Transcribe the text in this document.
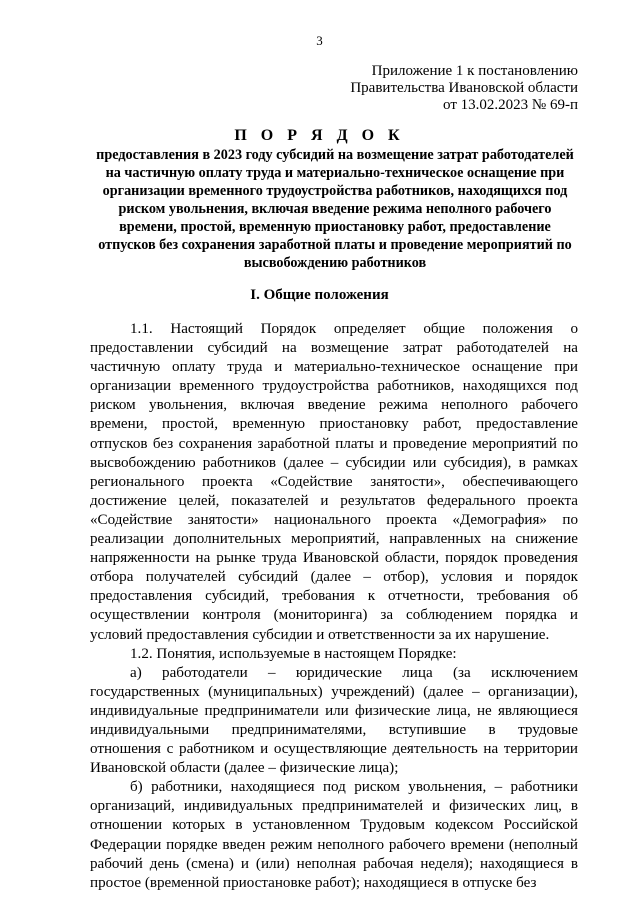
3
Приложение 1 к постановлению
Правительства Ивановской области
от 13.02.2023 № 69-п
П О Р Я Д О К
предоставления в 2023 году субсидий на возмещение затрат работодателей на частичную оплату труда и материально-техническое оснащение при организации временного трудоустройства работников, находящихся под риском увольнения, включая введение режима неполного рабочего времени, простой, временную приостановку работ, предоставление отпусков без сохранения заработной платы и проведение мероприятий по высвобождению работников
I. Общие положения

1.1. Настоящий Порядок определяет общие положения о предоставлении субсидий на возмещение затрат работодателей на частичную оплату труда и материально-техническое оснащение при организации временного трудоустройства работников, находящихся под риском увольнения, включая введение режима неполного рабочего времени, простой, временную приостановку работ, предоставление отпусков без сохранения заработной платы и проведение мероприятий по высвобождению работников (далее – субсидии или субсидия), в рамках регионального проекта «Содействие занятости», обеспечивающего достижение целей, показателей и результатов федерального проекта «Содействие занятости» национального проекта «Демография» по реализации дополнительных мероприятий, направленных на снижение напряженности на рынке труда Ивановской области, порядок проведения отбора получателей субсидий (далее – отбор), условия и порядок предоставления субсидий, требования к отчетности, требования об осуществлении контроля (мониторинга) за соблюдением порядка и условий предоставления субсидии и ответственности за их нарушение.

1.2. Понятия, используемые в настоящем Порядке:

а) работодатели – юридические лица (за исключением государственных (муниципальных) учреждений) (далее – организации), индивидуальные предприниматели или физические лица, не являющиеся индивидуальными предпринимателями, вступившие в трудовые отношения с работником и осуществляющие деятельность на территории Ивановской области (далее – физические лица);

б) работники, находящиеся под риском увольнения, – работники организаций, индивидуальных предпринимателей и физических лиц, в отношении которых в установленном Трудовым кодексом Российской Федерации порядке введен режим неполного рабочего времени (неполный рабочий день (смена) и (или) неполная рабочая неделя); находящиеся в простое (временной приостановке работ); находящиеся в отпуске без
